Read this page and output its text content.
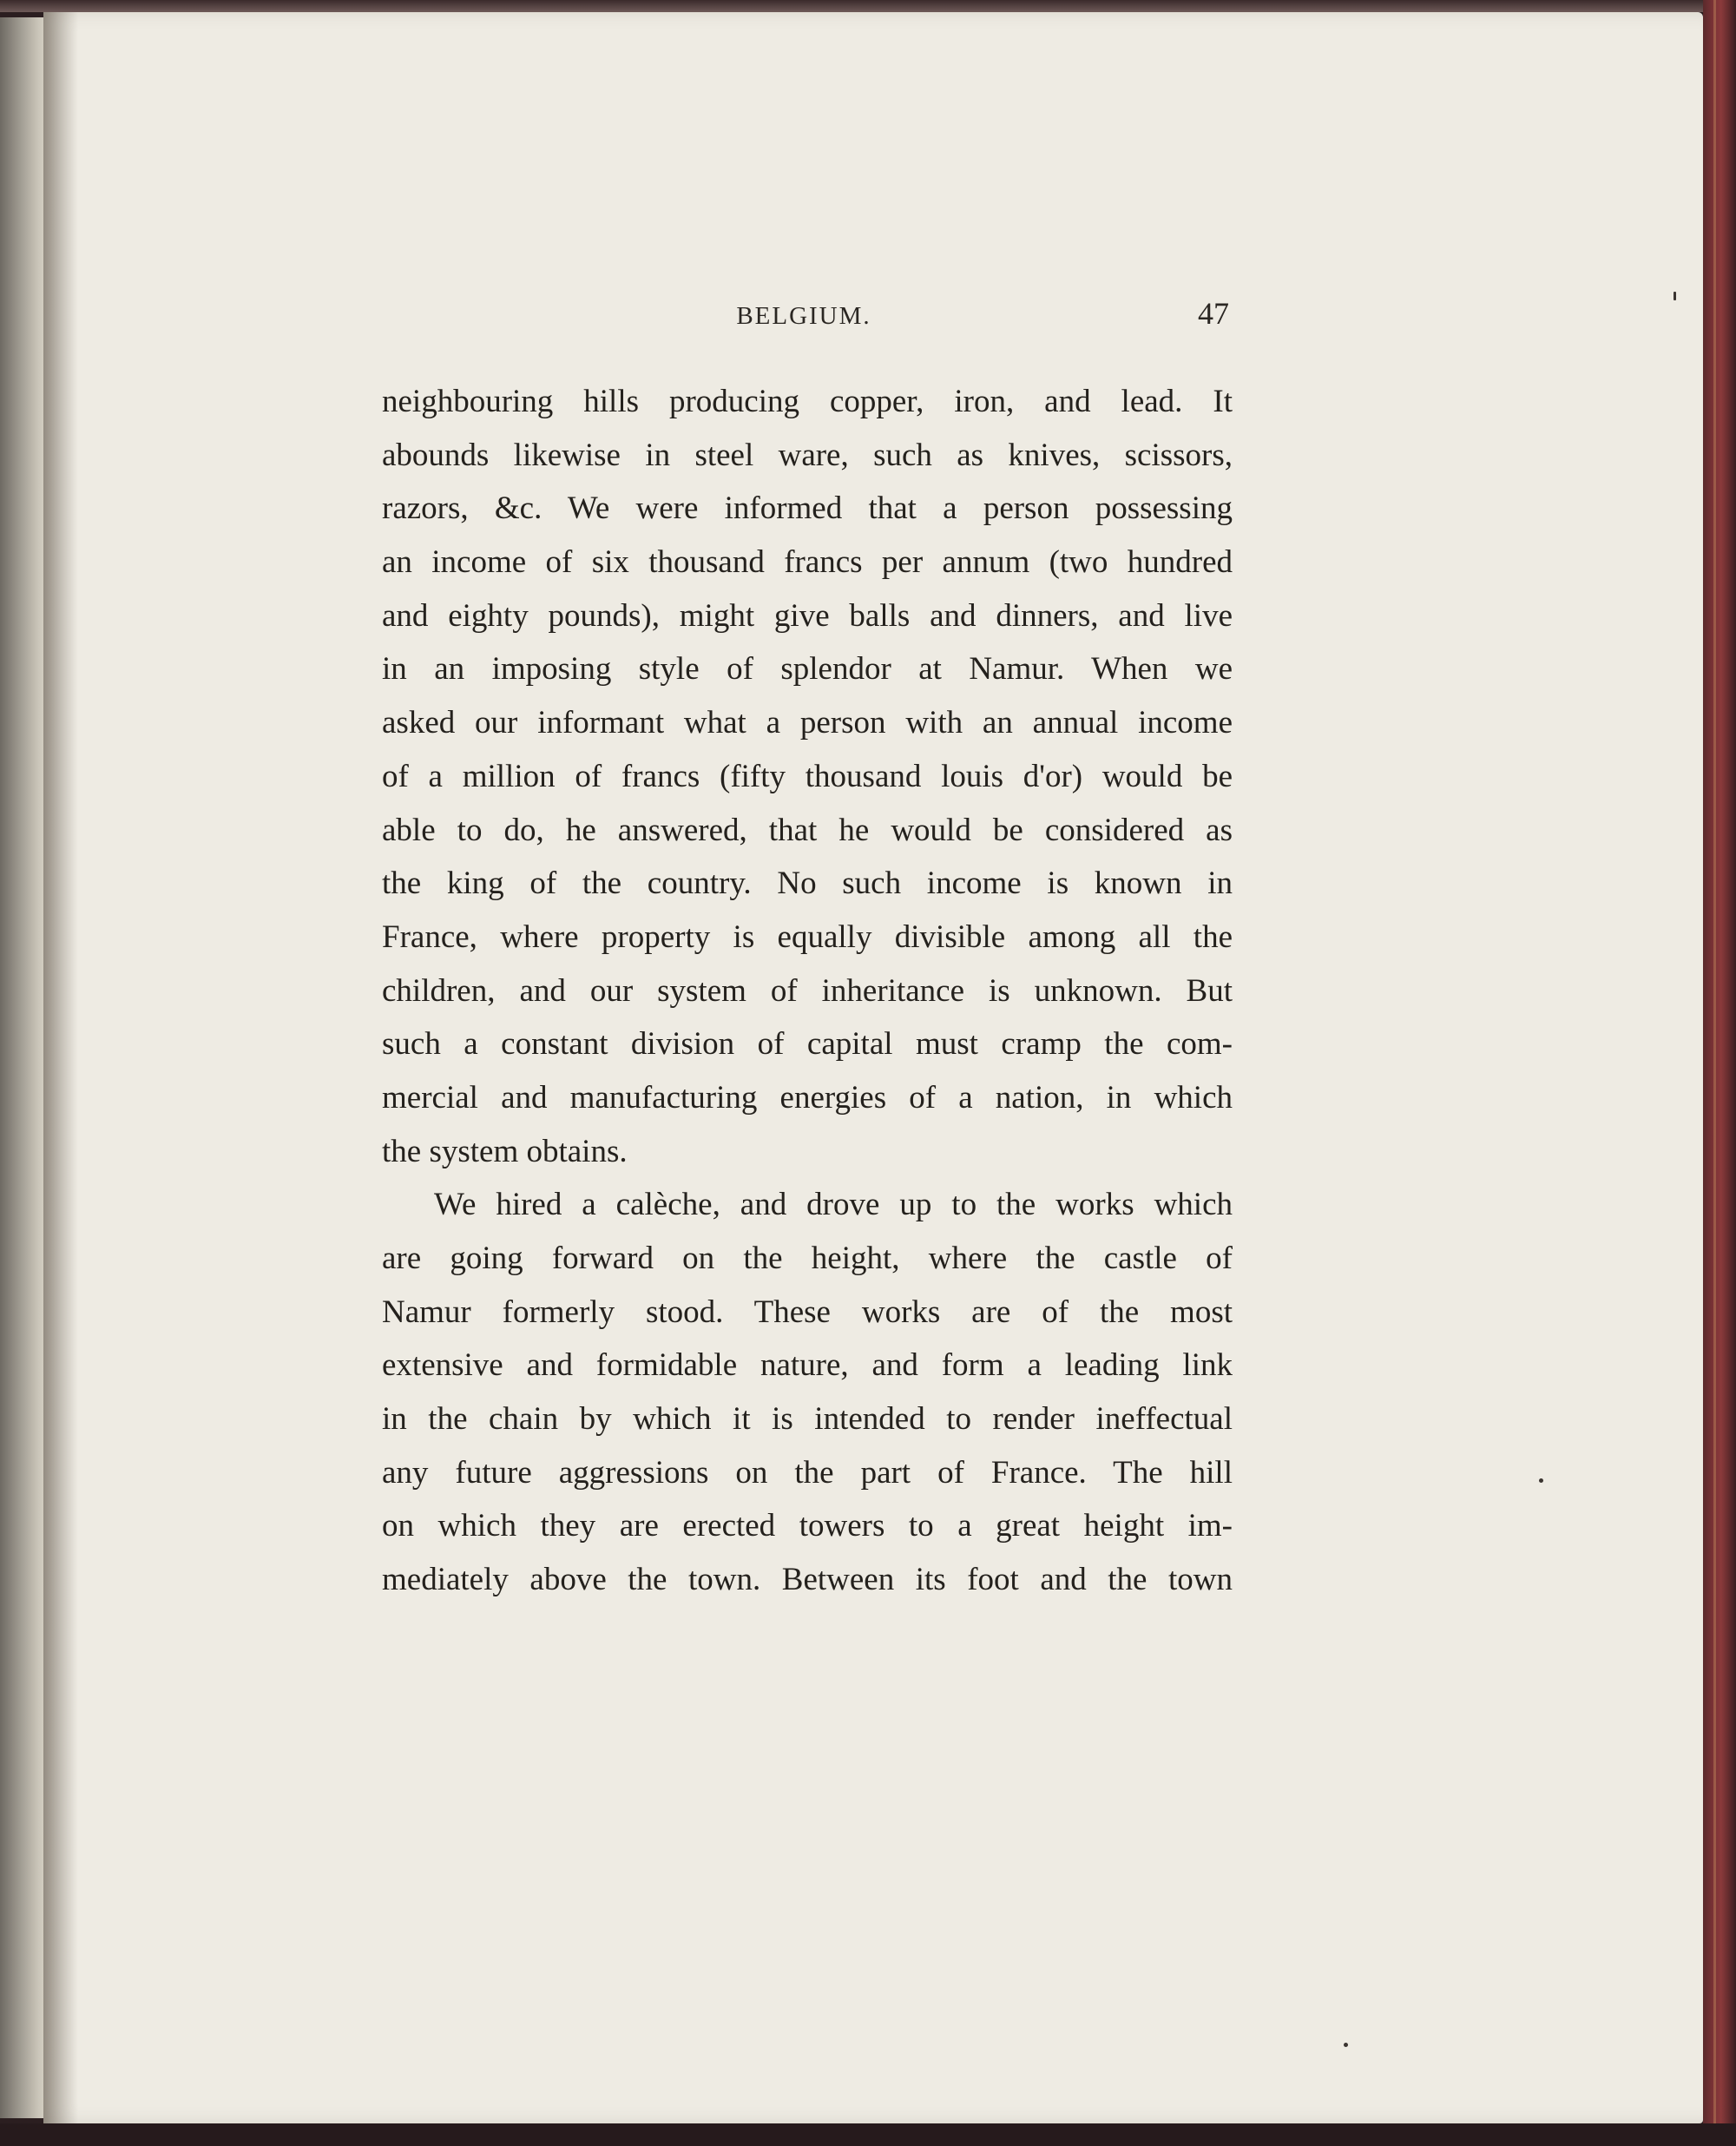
BELGIUM.	47
neighbouring hills producing copper, iron, and lead. It
abounds likewise in steel ware, such as knives, scissors,
razors, &c. We were informed that a person possessing
an income of six thousand francs per annum (two hundred
and eighty pounds), might give balls and dinners, and live
in an imposing style of splendor at Namur. When we
asked our informant what a person with an annual income
of a million of francs (fifty thousand louis d'or) would be
able to do, he answered, that he would be considered as
the king of the country. No such income is known in
France, where property is equally divisible among all the
children, and our system of inheritance is unknown. But
such a constant division of capital must cramp the com-
mercial and manufacturing energies of a nation, in which
the system obtains.
We hired a calèche, and drove up to the works which
are going forward on the height, where the castle of
Namur formerly stood. These works are of the most
extensive and formidable nature, and form a leading link
in the chain by which it is intended to render ineffectual
any future aggressions on the part of France. The hill
on which they are erected towers to a great height im-
mediately above the town. Between its foot and the town
